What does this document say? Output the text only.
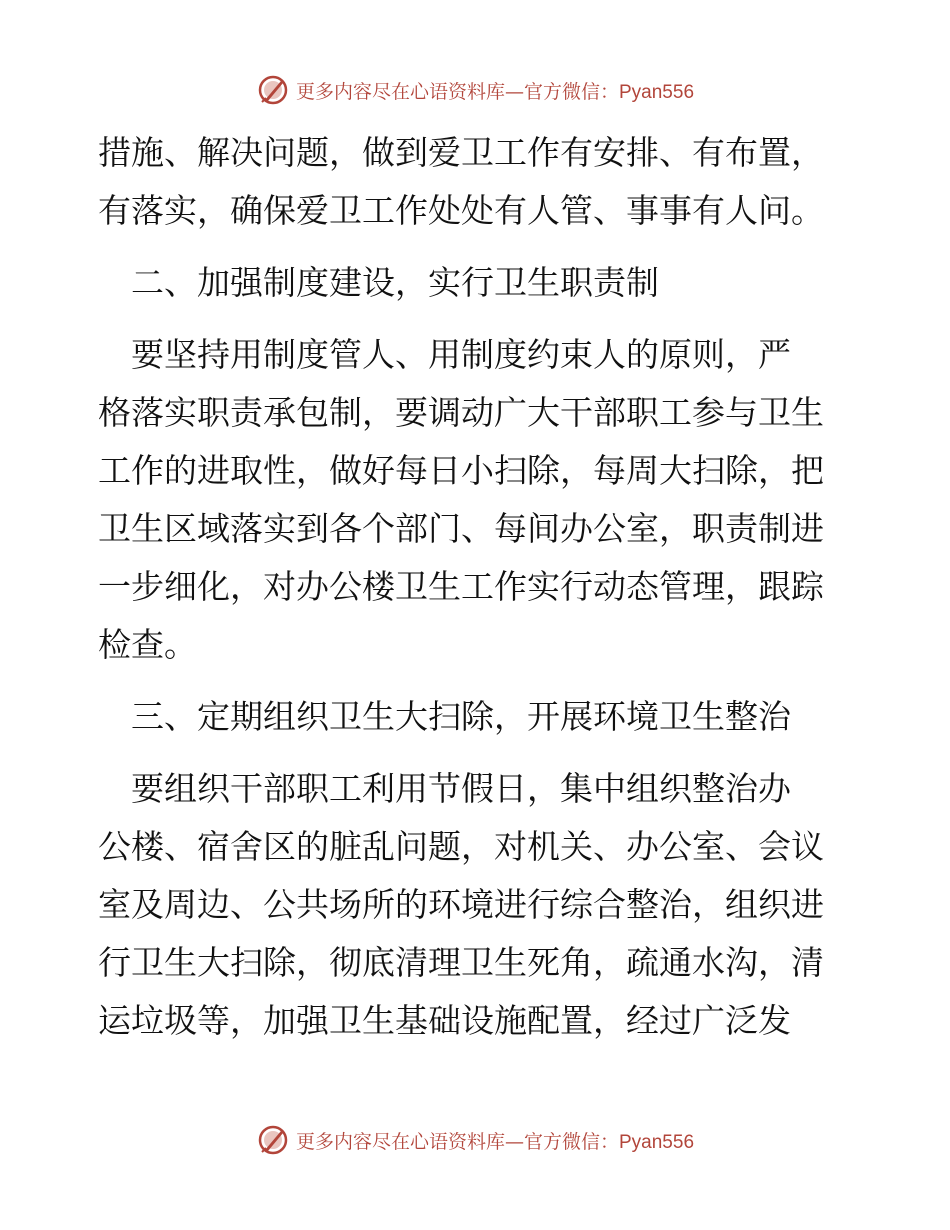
更多内容尽在心语资料库—官方微信：Pyan556
措施、解决问题，做到爱卫工作有安排、有布置，
有落实，确保爱卫工作处处有人管、事事有人问。
　二、加强制度建设，实行卫生职责制
　要坚持用制度管人、用制度约束人的原则，严
格落实职责承包制，要调动广大干部职工参与卫生
工作的进取性，做好每日小扫除，每周大扫除，把
卫生区域落实到各个部门、每间办公室，职责制进
一步细化，对办公楼卫生工作实行动态管理，跟踪
检查。
　三、定期组织卫生大扫除，开展环境卫生整治
　要组织干部职工利用节假日，集中组织整治办
公楼、宿舍区的脏乱问题，对机关、办公室、会议
室及周边、公共场所的环境进行综合整治，组织进
行卫生大扫除，彻底清理卫生死角，疏通水沟，清
运垃圾等，加强卫生基础设施配置，经过广泛发
更多内容尽在心语资料库—官方微信：Pyan556
